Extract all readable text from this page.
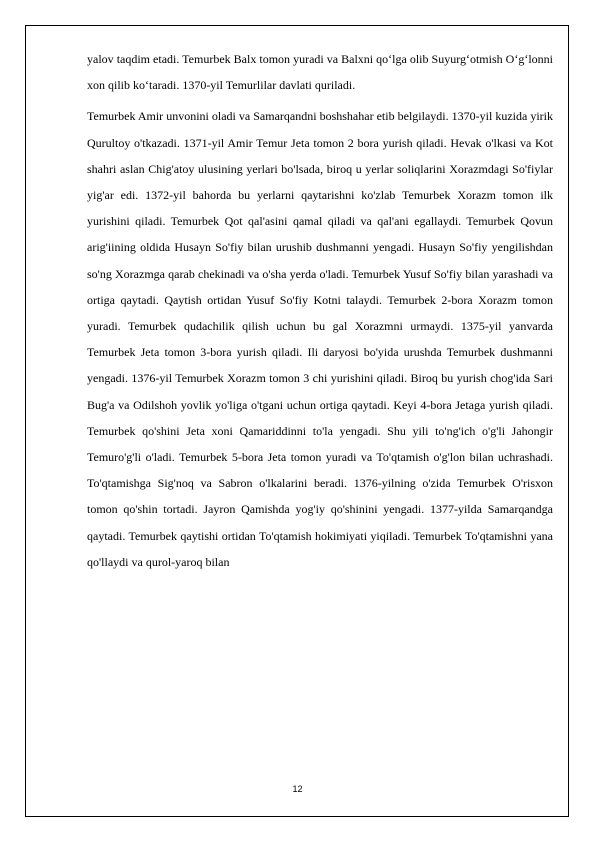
yalov taqdim etadi. Temurbek Balx tomon yuradi va Balxni qo‘lga olib Suyurg‘otmish O‘g‘lonni xon qilib ko‘taradi. 1370-yil Temurlilar davlati quriladi.

Temurbek Amir unvonini oladi va Samarqandni boshshahar etib belgilaydi. 1370-yil kuzida yirik Qurultoy o'tkazadi. 1371-yil Amir Temur Jeta tomon 2 bora yurish qiladi. Hevak o'lkasi va Kot shahri aslan Chig'atoy ulusining yerlari bo'lsada, biroq u yerlar soliqlarini Xorazmdagi So'fiylar yig'ar edi. 1372-yil bahorda bu yerlarni qaytarishni ko'zlab Temurbek Xorazm tomon ilk yurishini qiladi. Temurbek Qot qal'asini qamal qiladi va qal'ani egallaydi. Temurbek Qovun arig'iining oldida Husayn So'fiy bilan urushib dushmanni yengadi. Husayn So'fiy yengilishdan so'ng Xorazmga qarab chekinadi va o'sha yerda o'ladi. Temurbek Yusuf So'fiy bilan yarashadi va ortiga qaytadi. Qaytish ortidan Yusuf So'fiy Kotni talaydi. Temurbek 2-bora Xorazm tomon yuradi. Temurbek qudachilik qilish uchun bu gal Xorazmni urmaydi. 1375-yil yanvarda Temurbek Jeta tomon 3-bora yurish qiladi. Ili daryosi bo'yida urushda Temurbek dushmanni yengadi. 1376-yil Temurbek Xorazm tomon 3 chi yurishini qiladi. Biroq bu yurish chog'ida Sari Bug'a va Odilshoh yovlik yo'liga o'tgani uchun ortiga qaytadi. Keyi 4-bora Jetaga yurish qiladi. Temurbek qo'shini Jeta xoni Qamariddinni to'la yengadi. Shu yili to'ng'ich o'g'li Jahongir Temuro'g'li o'ladi. Temurbek 5-bora Jeta tomon yuradi va To'qtamish o'g'lon bilan uchrashadi. To'qtamishga Sig'noq va Sabron o'lkalarini beradi. 1376-yilning o'zida Temurbek O'risxon tomon qo'shin tortadi. Jayron Qamishda yog'iy qo'shinini yengadi. 1377-yilda Samarqandga qaytadi. Temurbek qaytishi ortidan To'qtamish hokimiyati yiqiladi. Temurbek To'qtamishni yana qo'llaydi va qurol-yaroq bilan

12
